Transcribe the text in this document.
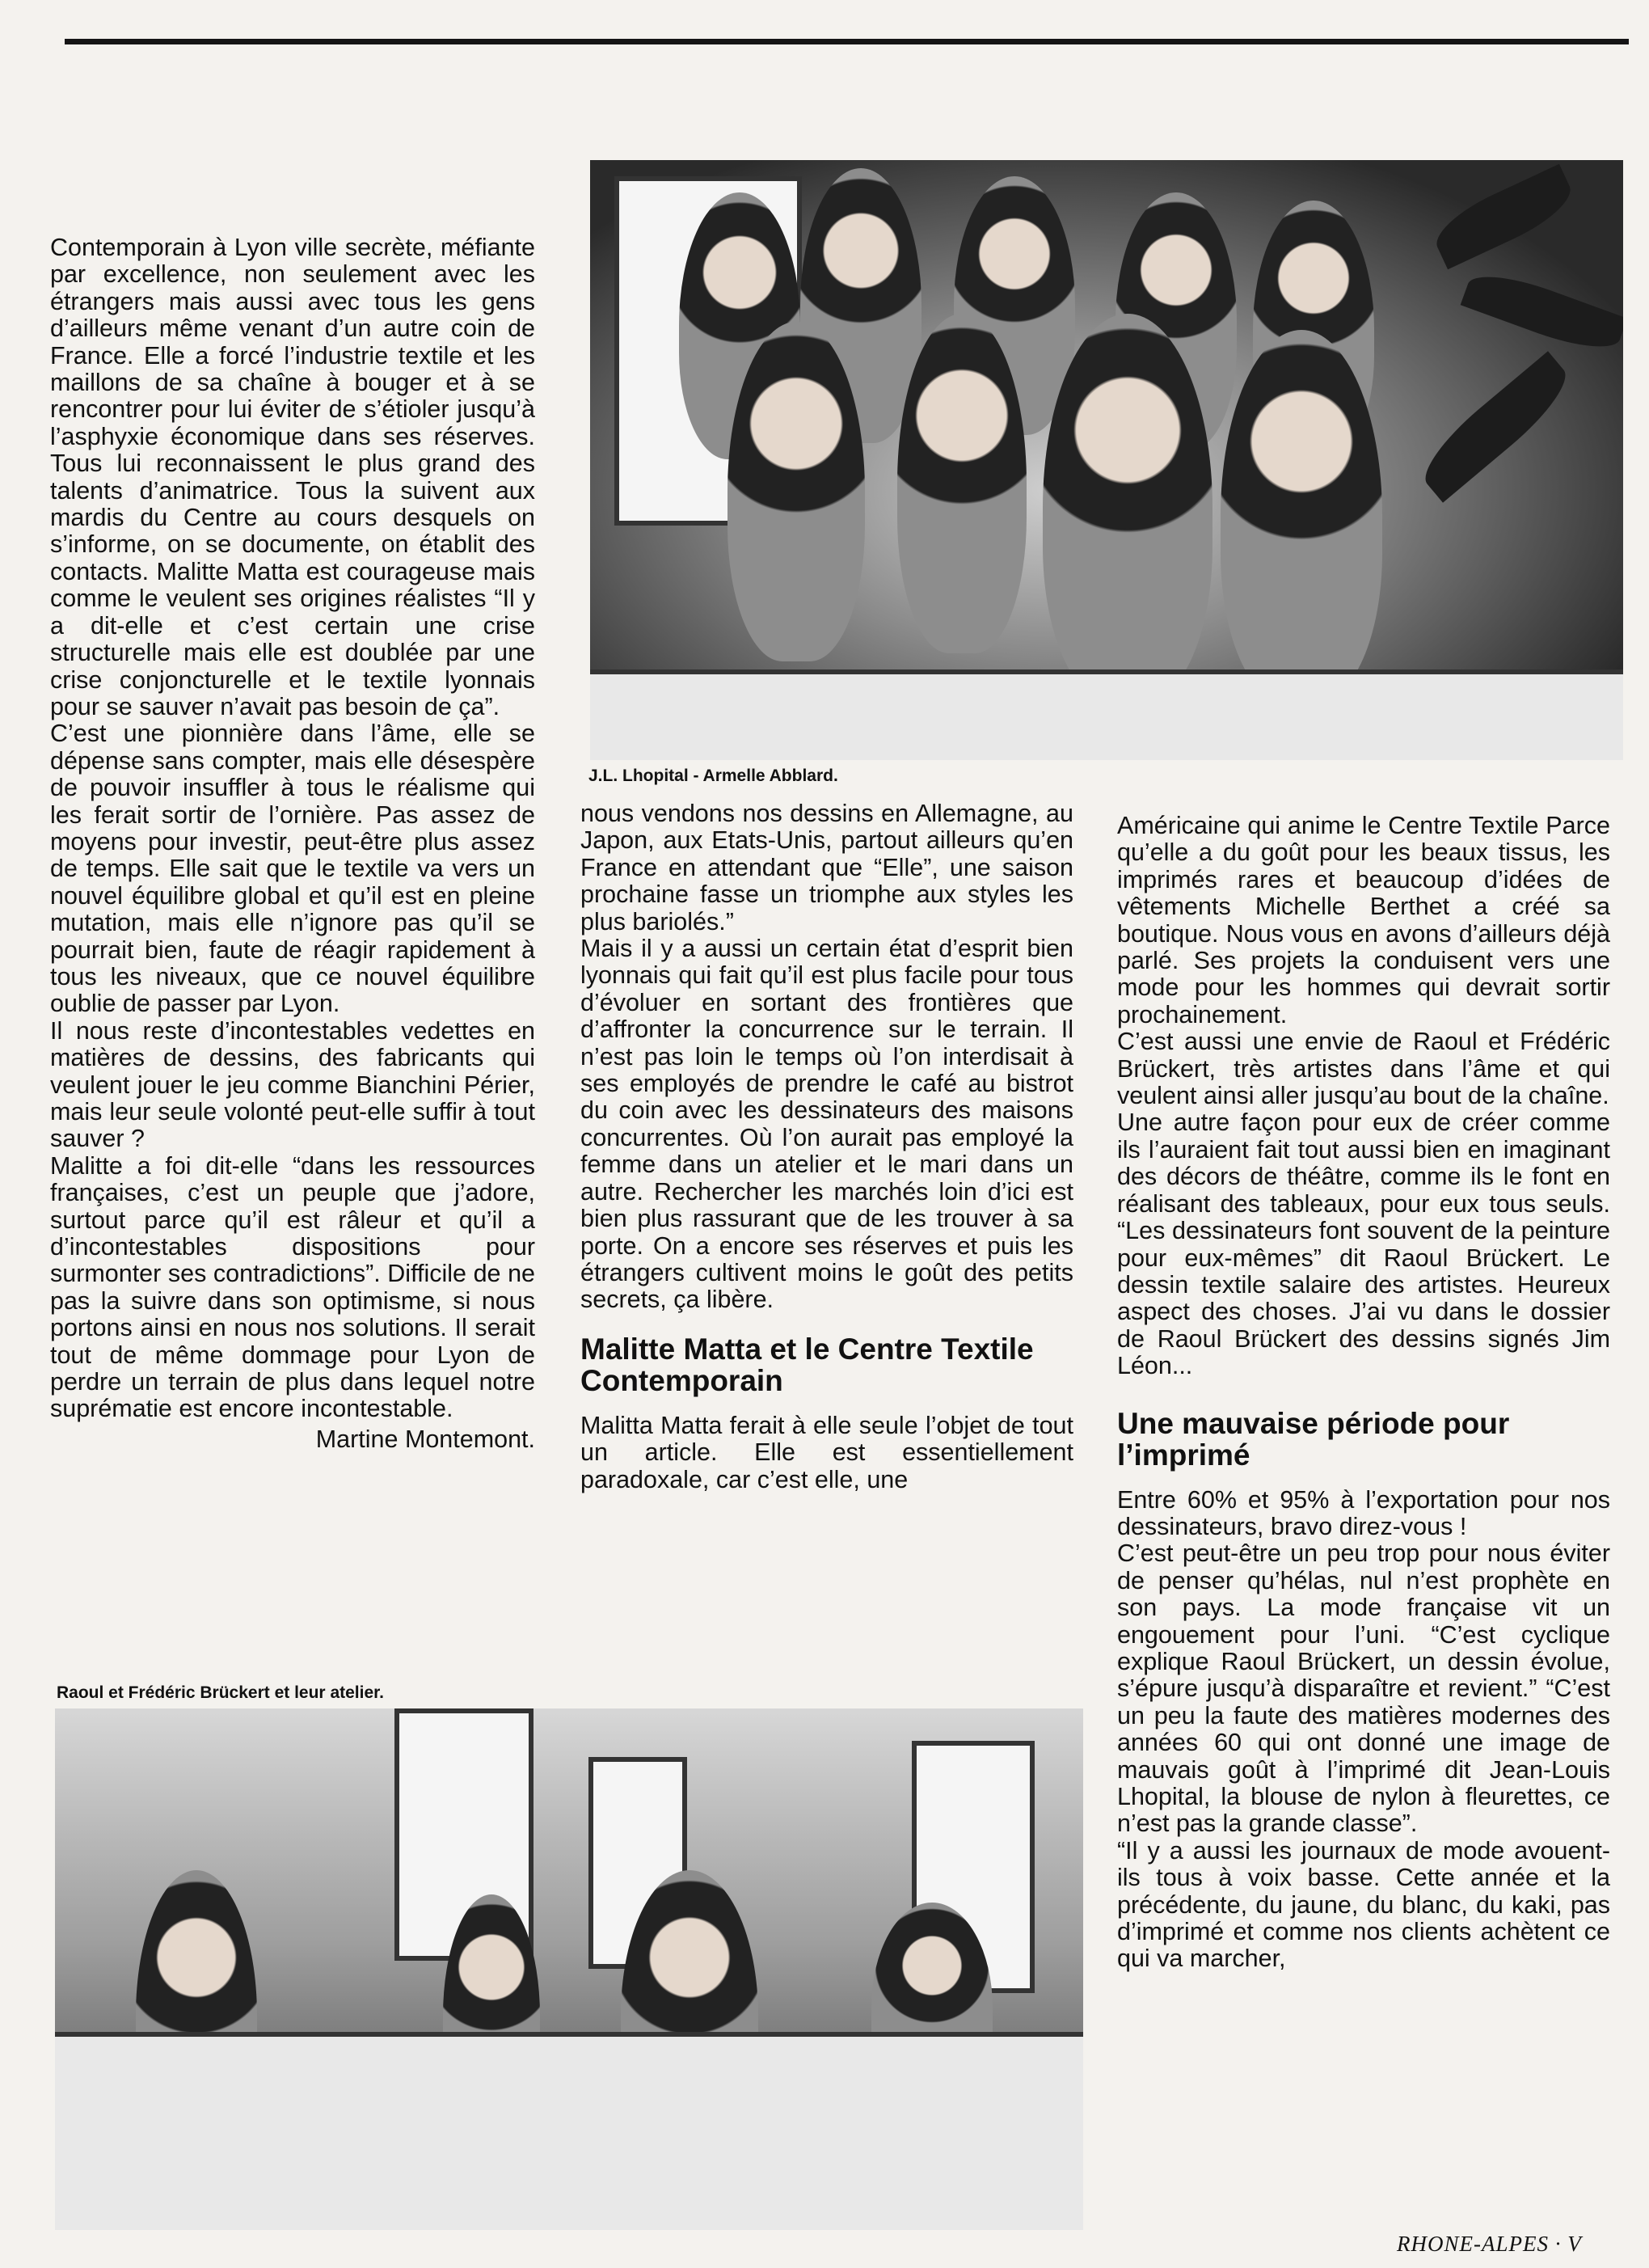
J.L. Lhopital - Armelle Abblard.

Contemporain à Lyon ville secrète, méfiante par excellence, non seulement avec les étrangers mais aussi avec tous les gens d’ailleurs même venant d’un autre coin de France. Elle a forcé l’industrie textile et les maillons de sa chaîne à bouger et à se rencontrer pour lui éviter de s’étioler jusqu’à l’asphyxie économique dans ses réserves. Tous lui reconnaissent le plus grand des talents d’animatrice. Tous la suivent aux mardis du Centre au cours desquels on s’informe, on se documente, on établit des contacts. Malitte Matta est courageuse mais comme le veulent ses origines réalistes “Il y a dit-elle et c’est certain une crise structurelle mais elle est doublée par une crise conjoncturelle et le textile lyonnais pour se sauver n’avait pas besoin de ça”.

C’est une pionnière dans l’âme, elle se dépense sans compter, mais elle désespère de pouvoir insuffler à tous le réalisme qui les ferait sortir de l’ornière. Pas assez de moyens pour investir, peut-être plus assez de temps. Elle sait que le textile va vers un nouvel équilibre global et qu’il est en pleine mutation, mais elle n’ignore pas qu’il se pourrait bien, faute de réagir rapidement à tous les niveaux, que ce nouvel équilibre oublie de passer par Lyon.

Il nous reste d’incontestables vedettes en matières de dessins, des fabricants qui veulent jouer le jeu comme Bianchini Périer, mais leur seule volonté peut-elle suffir à tout sauver ?

Malitte a foi dit-elle “dans les ressources françaises, c’est un peuple que j’adore, surtout parce qu’il est râleur et qu’il a d’incontestables dispositions pour surmonter ses contradictions”. Difficile de ne pas la suivre dans son optimisme, si nous portons ainsi en nous nos solutions. Il serait tout de même dommage pour Lyon de perdre un terrain de plus dans lequel notre suprématie est encore incontestable.

Martine Montemont.

nous vendons nos dessins en Allemagne, au Japon, aux Etats-Unis, partout ailleurs qu’en France en attendant que “Elle”, une saison prochaine fasse un triomphe aux styles les plus bariolés.”

Mais il y a aussi un certain état d’esprit bien lyonnais qui fait qu’il est plus facile pour tous d’évoluer en sortant des frontières que d’affronter la concurrence sur le terrain. Il n’est pas loin le temps où l’on interdisait à ses employés de prendre le café au bistrot du coin avec les dessinateurs des maisons concurrentes. Où l’on aurait pas employé la femme dans un atelier et le mari dans un autre. Rechercher les marchés loin d’ici est bien plus rassurant que de les trouver à sa porte. On a encore ses réserves et puis les étrangers cultivent moins le goût des petits secrets, ça libère.

Malitte Matta et le Centre Textile Contemporain

Malitta Matta ferait à elle seule l’objet de tout un article. Elle est essentiellement paradoxale, car c’est elle, une

Américaine qui anime le Centre Textile Parce qu’elle a du goût pour les beaux tissus, les imprimés rares et beaucoup d’idées de vêtements Michelle Berthet a créé sa boutique. Nous vous en avons d’ailleurs déjà parlé. Ses projets la conduisent vers une mode pour les hommes qui devrait sortir prochainement.

C’est aussi une envie de Raoul et Frédéric Brückert, très artistes dans l’âme et qui veulent ainsi aller jusqu’au bout de la chaîne.

Une autre façon pour eux de créer comme ils l’auraient fait tout aussi bien en imaginant des décors de théâtre, comme ils le font en réalisant des tableaux, pour eux tous seuls. “Les dessinateurs font souvent de la peinture pour eux-mêmes” dit Raoul Brückert. Le dessin textile salaire des artistes. Heureux aspect des choses. J’ai vu dans le dossier de Raoul Brückert des dessins signés Jim Léon...

Une mauvaise période pour l’imprimé

Entre 60% et 95% à l’exportation pour nos dessinateurs, bravo direz-vous !

C’est peut-être un peu trop pour nous éviter de penser qu’hélas, nul n’est prophète en son pays. La mode française vit un engouement pour l’uni. “C’est cyclique explique Raoul Brückert, un dessin évolue, s’épure jusqu’à disparaître et revient.” “C’est un peu la faute des matières modernes des années 60 qui ont donné une image de mauvais goût à l’imprimé dit Jean-Louis Lhopital, la blouse de nylon à fleurettes, ce n’est pas la grande classe”.

“Il y a aussi les journaux de mode avouent-ils tous à voix basse. Cette année et la précédente, du jaune, du blanc, du kaki, pas d’imprimé et comme nos clients achètent ce qui va marcher,

Raoul et Frédéric Brückert et leur atelier.
RHONE-ALPES · V
